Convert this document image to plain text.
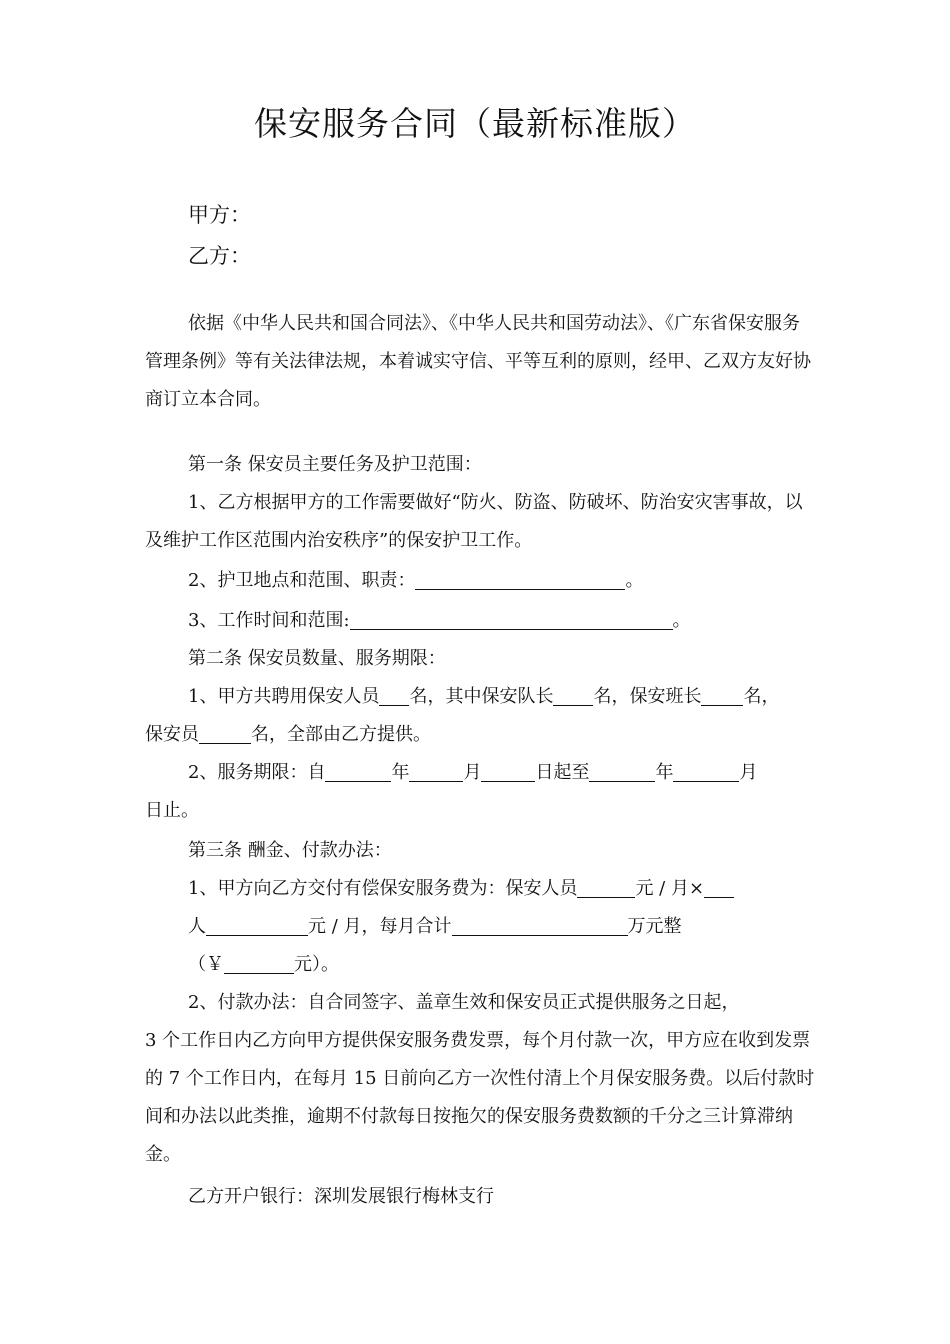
保安服务合同（最新标准版）
甲方：
乙方：
依据《中华人民共和国合同法》、《中华人民共和国劳动法》、《广东省保安服务管理条例》等有关法律法规，本着诚实守信、平等互利的原则，经甲、乙双方友好协商订立本合同。
第一条 保安员主要任务及护卫范围：
1、乙方根据甲方的工作需要做好“防火、防盗、防破坏、防治安灾害事故，以及维护工作区范围内治安秩序”的保安护卫工作。
2、护卫地点和范围、职责：	。
3、工作时间和范围:	。
第二条 保安员数量、服务期限：
1、甲方共聘用保安人员 名，其中保安队长 名，保安班长 名，
保安员	名，全部由乙方提供。
2、服务期限：自	年	月	日起至	年	月
日止。
第三条 酬金、付款办法：
1、甲方向乙方交付有偿保安服务费为：保安人员	元 / 月×
人	元 / 月，每月合计	万元整
（￥	元）。
2、付款办法：自合同签字、盖章生效和保安员正式提供服务之日起，
3 个工作日内乙方向甲方提供保安服务费发票，每个月付款一次，甲方应在收到发票的 7 个工作日内，在每月 15 日前向乙方一次性付清上个月保安服务费。以后付款时间和办法以此类推，逾期不付款每日按拖欠的保安服务费数额的千分之三计算滞纳金。
乙方开户银行：深圳发展银行梅林支行
